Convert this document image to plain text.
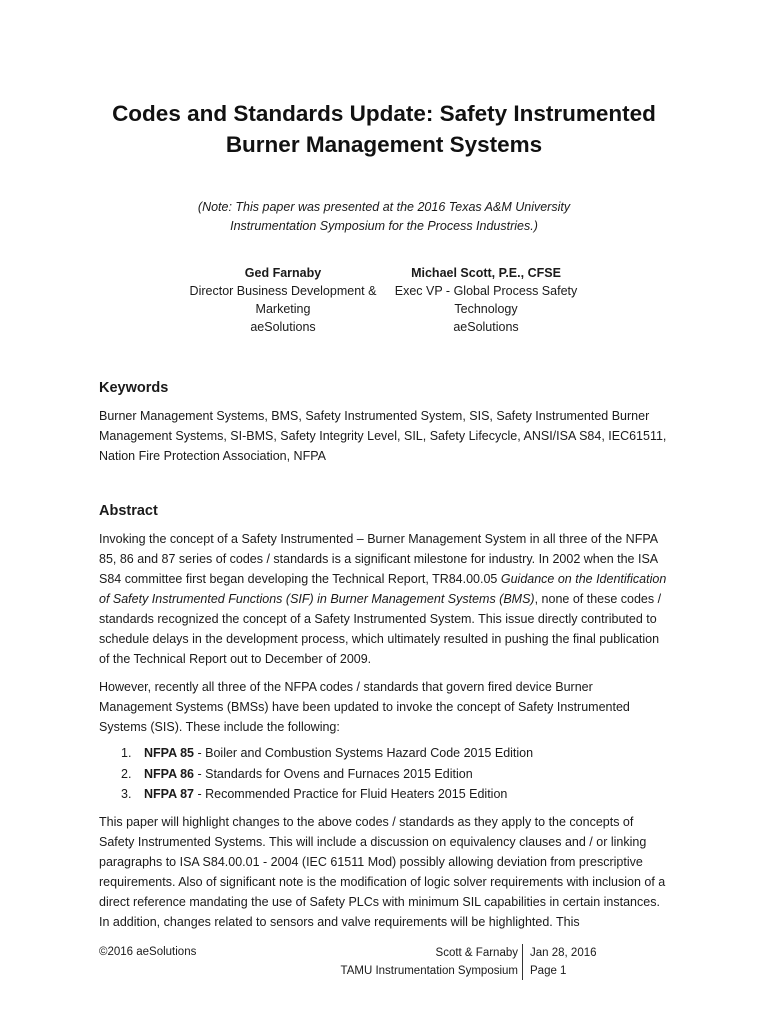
Codes and Standards Update: Safety Instrumented
Burner Management Systems
(Note: This paper was presented at the 2016 Texas A&M University
Instrumentation Symposium for the Process Industries.)
Ged Farnaby
Director Business Development &
Marketing
aeSolutions
Michael Scott, P.E., CFSE
Exec VP - Global Process Safety
Technology
aeSolutions
Keywords
Burner Management Systems, BMS, Safety Instrumented System, SIS, Safety Instrumented Burner Management Systems, SI-BMS, Safety Integrity Level, SIL, Safety Lifecycle, ANSI/ISA S84, IEC61511, Nation Fire Protection Association, NFPA
Abstract
Invoking the concept of a Safety Instrumented – Burner Management System in all three of the NFPA 85, 86 and 87 series of codes / standards is a significant milestone for industry. In 2002 when the ISA S84 committee first began developing the Technical Report, TR84.00.05 Guidance on the Identification of Safety Instrumented Functions (SIF) in Burner Management Systems (BMS), none of these codes / standards recognized the concept of a Safety Instrumented System. This issue directly contributed to schedule delays in the development process, which ultimately resulted in pushing the final publication of the Technical Report out to December of 2009.
However, recently all three of the NFPA codes / standards that govern fired device Burner Management Systems (BMSs) have been updated to invoke the concept of Safety Instrumented Systems (SIS). These include the following:
1. NFPA 85 - Boiler and Combustion Systems Hazard Code 2015 Edition
2. NFPA 86 - Standards for Ovens and Furnaces 2015 Edition
3. NFPA 87 - Recommended Practice for Fluid Heaters 2015 Edition
This paper will highlight changes to the above codes / standards as they apply to the concepts of Safety Instrumented Systems. This will include a discussion on equivalency clauses and / or linking paragraphs to ISA S84.00.01 - 2004 (IEC 61511 Mod) possibly allowing deviation from prescriptive requirements. Also of significant note is the modification of logic solver requirements with inclusion of a direct reference mandating the use of Safety PLCs with minimum SIL capabilities in certain instances. In addition, changes related to sensors and valve requirements will be highlighted. This
©2016 aeSolutions	Scott & Farnaby
TAMU Instrumentation Symposium
Jan 28, 2016
Page 1
